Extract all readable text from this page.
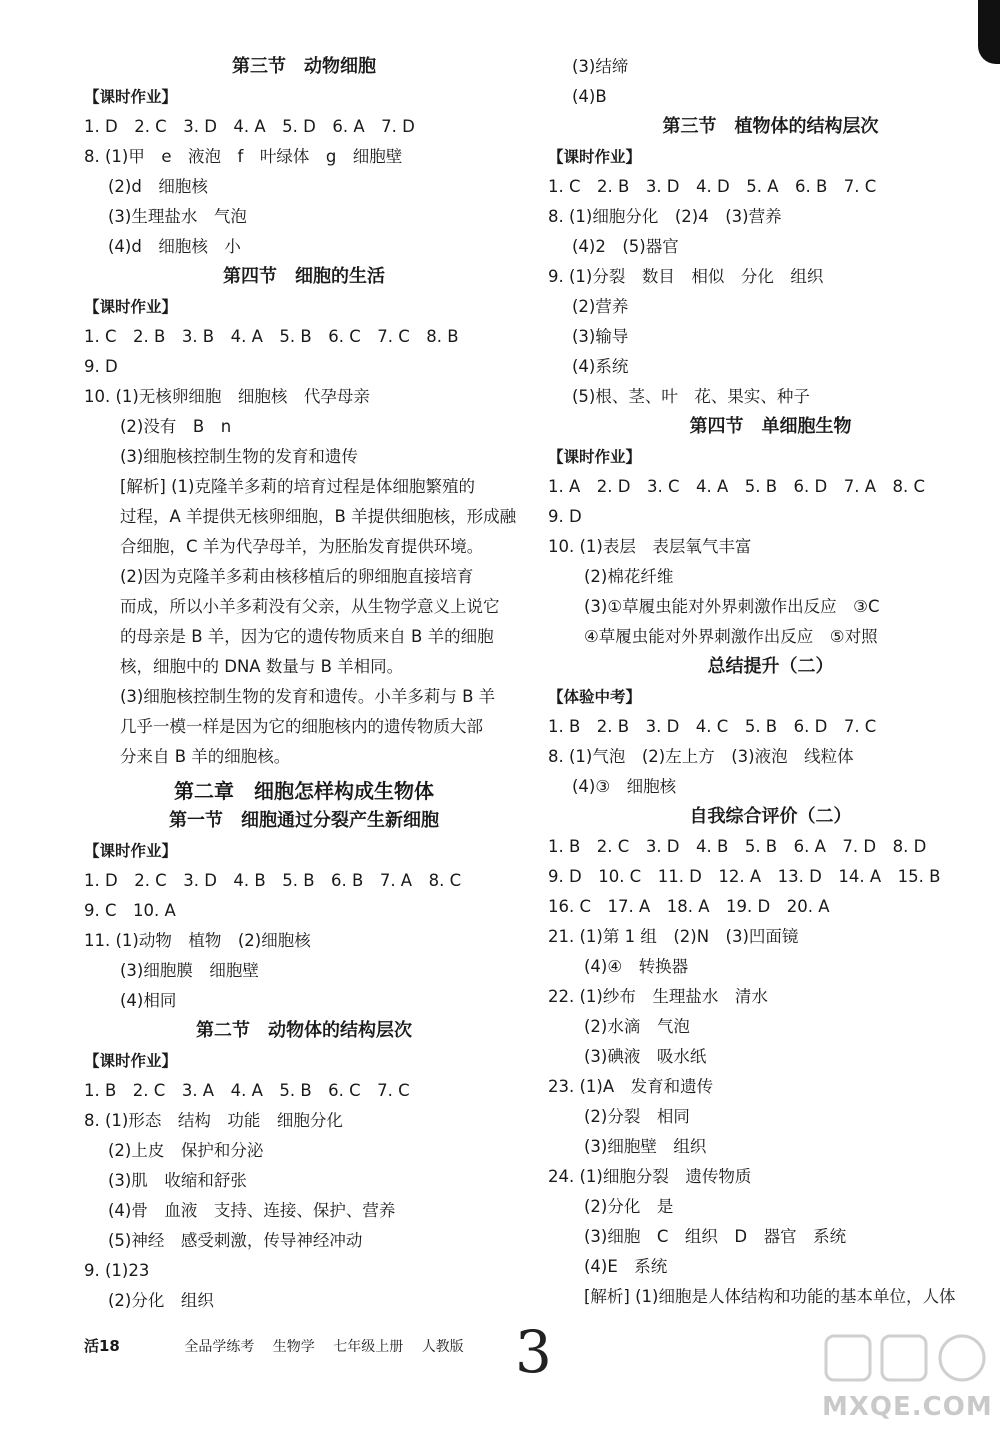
第三节　动物细胞
【课时作业】
1. D　2. C　3. D　4. A　5. D　6. A　7. D
8. (1)甲　e　液泡　f　叶绿体　g　细胞壁
(2)d　细胞核
(3)生理盐水　气泡
(4)d　细胞核　小
第四节　细胞的生活
【课时作业】
1. C　2. B　3. B　4. A　5. B　6. C　7. C　8. B
9. D
10. (1)无核卵细胞　细胞核　代孕母亲
(2)没有　B　n
(3)细胞核控制生物的发育和遗传
[解析] (1)克隆羊多莉的培育过程是体细胞繁殖的
过程，A 羊提供无核卵细胞，B 羊提供细胞核，形成融
合细胞，C 羊为代孕母羊，为胚胎发育提供环境。
(2)因为克隆羊多莉由核移植后的卵细胞直接培育
而成，所以小羊多莉没有父亲，从生物学意义上说它
的母亲是 B 羊，因为它的遗传物质来自 B 羊的细胞
核，细胞中的 DNA 数量与 B 羊相同。
(3)细胞核控制生物的发育和遗传。小羊多莉与 B 羊
几乎一模一样是因为它的细胞核内的遗传物质大部
分来自 B 羊的细胞核。
第二章　细胞怎样构成生物体
第一节　细胞通过分裂产生新细胞
【课时作业】
1. D　2. C　3. D　4. B　5. B　6. B　7. A　8. C
9. C　10. A
11. (1)动物　植物　(2)细胞核
(3)细胞膜　细胞壁
(4)相同
第二节　动物体的结构层次
【课时作业】
1. B　2. C　3. A　4. A　5. B　6. C　7. C
8. (1)形态　结构　功能　细胞分化
(2)上皮　保护和分泌
(3)肌　收缩和舒张
(4)骨　血液　支持、连接、保护、营养
(5)神经　感受刺激，传导神经冲动
9. (1)23
(2)分化　组织
(3)结缔
(4)B
第三节　植物体的结构层次
【课时作业】
1. C　2. B　3. D　4. D　5. A　6. B　7. C
8. (1)细胞分化　(2)4　(3)营养
(4)2　(5)器官
9. (1)分裂　数目　相似　分化　组织
(2)营养
(3)输导
(4)系统
(5)根、茎、叶　花、果实、种子
第四节　单细胞生物
【课时作业】
1. A　2. D　3. C　4. A　5. B　6. D　7. A　8. C
9. D
10. (1)表层　表层氧气丰富
(2)棉花纤维
(3)①草履虫能对外界刺激作出反应　③C
④草履虫能对外界刺激作出反应　⑤对照
总结提升（二）
【体验中考】
1. B　2. B　3. D　4. C　5. B　6. D　7. C
8. (1)气泡　(2)左上方　(3)液泡　线粒体
(4)③　细胞核
自我综合评价（二）
1. B　2. C　3. D　4. B　5. B　6. A　7. D　8. D
9. D　10. C　11. D　12. A　13. D　14. A　15. B
16. C　17. A　18. A　19. D　20. A
21. (1)第 1 组　(2)N　(3)凹面镜
(4)④　转换器
22. (1)纱布　生理盐水　清水
(2)水滴　气泡
(3)碘液　吸水纸
23. (1)A　发育和遗传
(2)分裂　相同
(3)细胞壁　组织
24. (1)细胞分裂　遗传物质
(2)分化　是
(3)细胞　C　组织　D　器官　系统
(4)E　系统
[解析] (1)细胞是人体结构和功能的基本单位，人体
活18	全品学练考 生物学 七年级上册 人教版 3
MXQE.COM
